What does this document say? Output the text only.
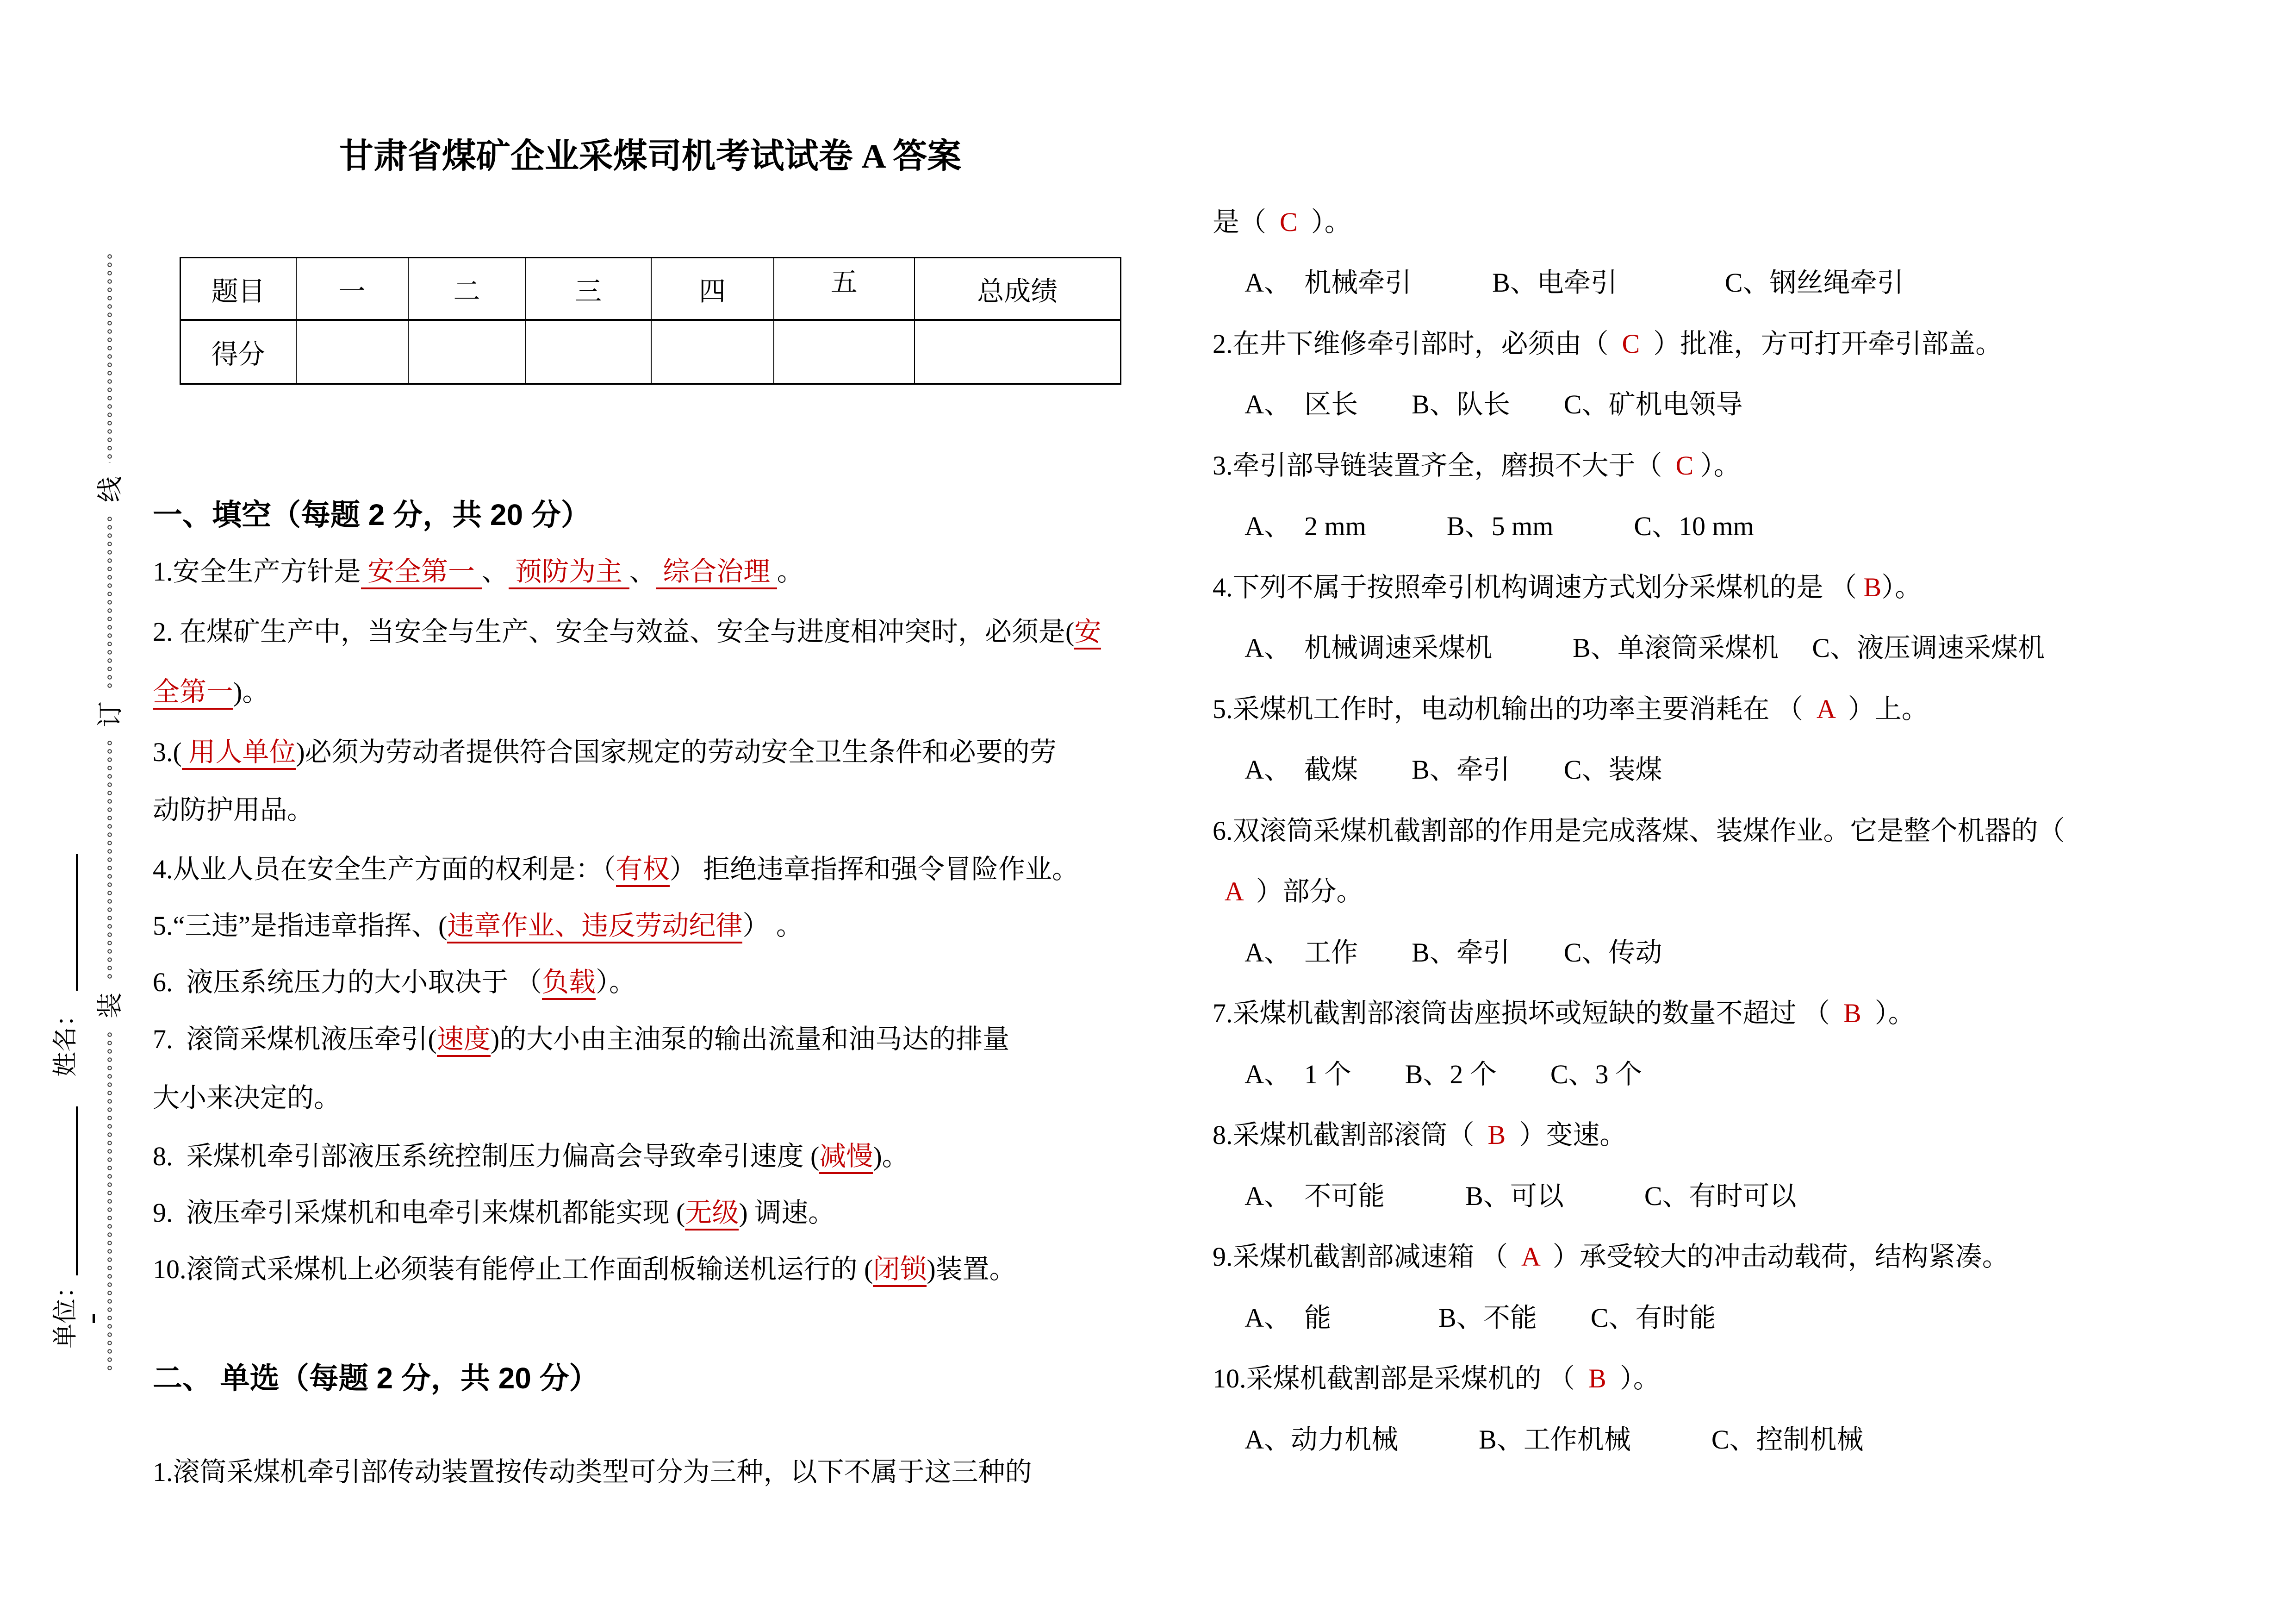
甘肃省煤矿企业采煤司机考试试卷 A 答案
题目	一	二	三	四	五	总成绩
得分						
线
订
装
姓名：
单位：
一、填空（每题 2 分，共 20 分）
1.安全生产方针是 安全第一 、 预防为主 、 综合治理 。
2. 在煤矿生产中，当安全与生产、安全与效益、安全与进度相冲突时，必须是(安
全第一)。
3.( 用人单位)必须为劳动者提供符合国家规定的劳动安全卫生条件和必要的劳
动防护用品。
4.从业人员在安全生产方面的权利是：（有权） 拒绝违章指挥和强令冒险作业。
5.“三违”是指违章指挥、(违章作业、违反劳动纪律） 。
6.  液压系统压力的大小取决于 （负载）。
7.  滚筒采煤机液压牵引(速度)的大小由主油泵的输出流量和油马达的排量
大小来决定的。
8.  采煤机牵引部液压系统控制压力偏高会导致牵引速度 (减慢)。
9.  液压牵引采煤机和电牵引来煤机都能实现 (无级) 调速。
10.滚筒式采煤机上必须装有能停止工作面刮板输送机运行的 (闭锁)装置。
二、 单选（每题 2 分，共 20 分）
1.滚筒采煤机牵引部传动装置按传动类型可分为三种，以下不属于这三种的
是（  C  ）。
　 A、　机械牵引　　　B、电牵引　　　　C、钢丝绳牵引
2.在井下维修牵引部时，必须由（  C  ）批准，方可打开牵引部盖。
　 A、　区长　　B、队长　　C、矿机电领导
3.牵引部导链装置齐全，磨损不大于（  C ）。
　 A、　2 mm　　　B、5 mm　　　C、10 mm
4.下列不属于按照牵引机构调速方式划分采煤机的是 （ B）。
　 A、　机械调速采煤机　　　B、单滚筒采煤机　 C、液压调速采煤机
5.采煤机工作时，电动机输出的功率主要消耗在 （  A  ）上。
　 A、　截煤　　B、牵引　　C、装煤
6.双滚筒采煤机截割部的作用是完成落煤、装煤作业。它是整个机器的（
A  ）部分。
　 A、　工作　　B、牵引　　C、传动
7.采煤机截割部滚筒齿座损坏或短缺的数量不超过 （  B  ）。
　 A、　1 个　　B、2 个　　C、3 个
8.采煤机截割部滚筒（  B  ）变速。
　 A、　不可能　　　B、可以　　　C、有时可以
9.采煤机截割部减速箱 （  A  ）承受较大的冲击动载荷，结构紧凑。
　 A、　能　　　　B、不能　　C、有时能
10.采煤机截割部是采煤机的 （  B  ）。
　 A、动力机械　　　B、工作机械　　　C、控制机械
